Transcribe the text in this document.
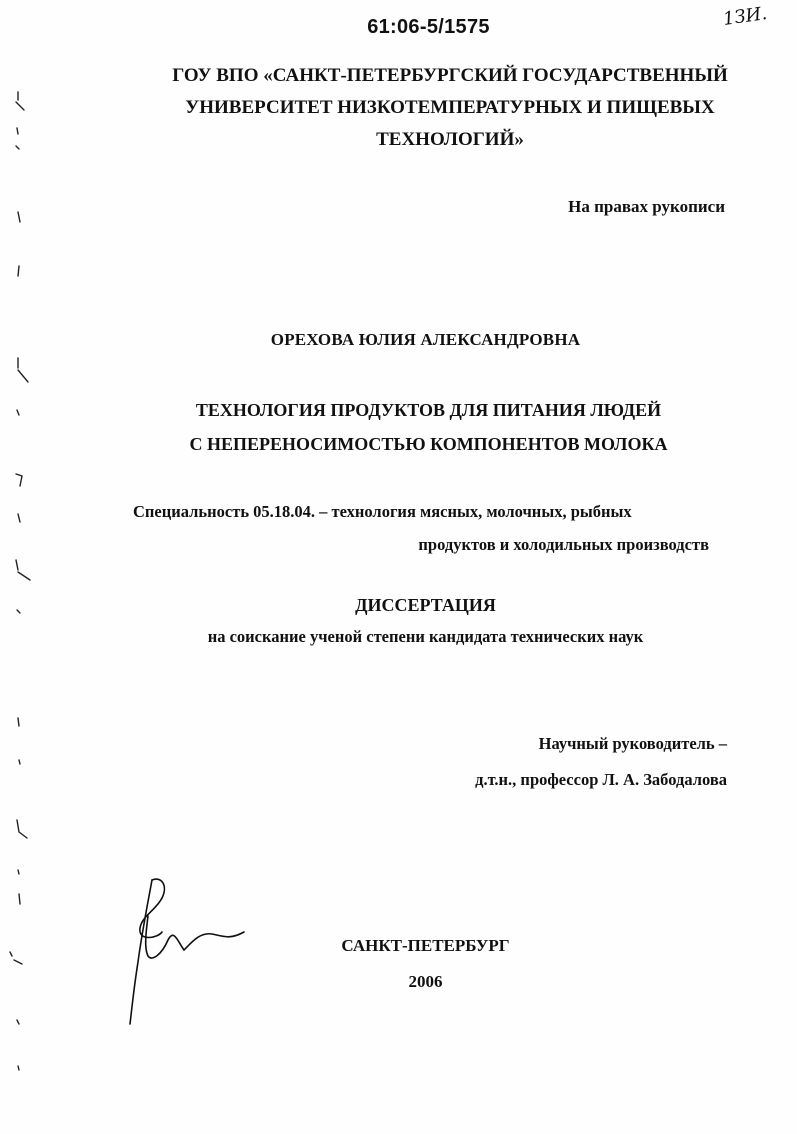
61:06-5/1575	1ЗИ.
ГОУ ВПО «САНКТ-ПЕТЕРБУРГСКИЙ ГОСУДАРСТВЕННЫЙ
УНИВЕРСИТЕТ НИЗКОТЕМПЕРАТУРНЫХ И ПИЩЕВЫХ
ТЕХНОЛОГИЙ»
На правах рукописи
ОРЕХОВА ЮЛИЯ АЛЕКСАНДРОВНА
ТЕХНОЛОГИЯ ПРОДУКТОВ ДЛЯ ПИТАНИЯ ЛЮДЕЙ
С НЕПЕРЕНОСИМОСТЬЮ КОМПОНЕНТОВ МОЛОКА
Специальность 05.18.04. – технология мясных, молочных, рыбных
продуктов и холодильных производств
ДИССЕРТАЦИЯ
на соискание ученой степени кандидата технических наук
Научный руководитель –
д.т.н., профессор Л. А. Забодалова
САНКТ-ПЕТЕРБУРГ
2006
